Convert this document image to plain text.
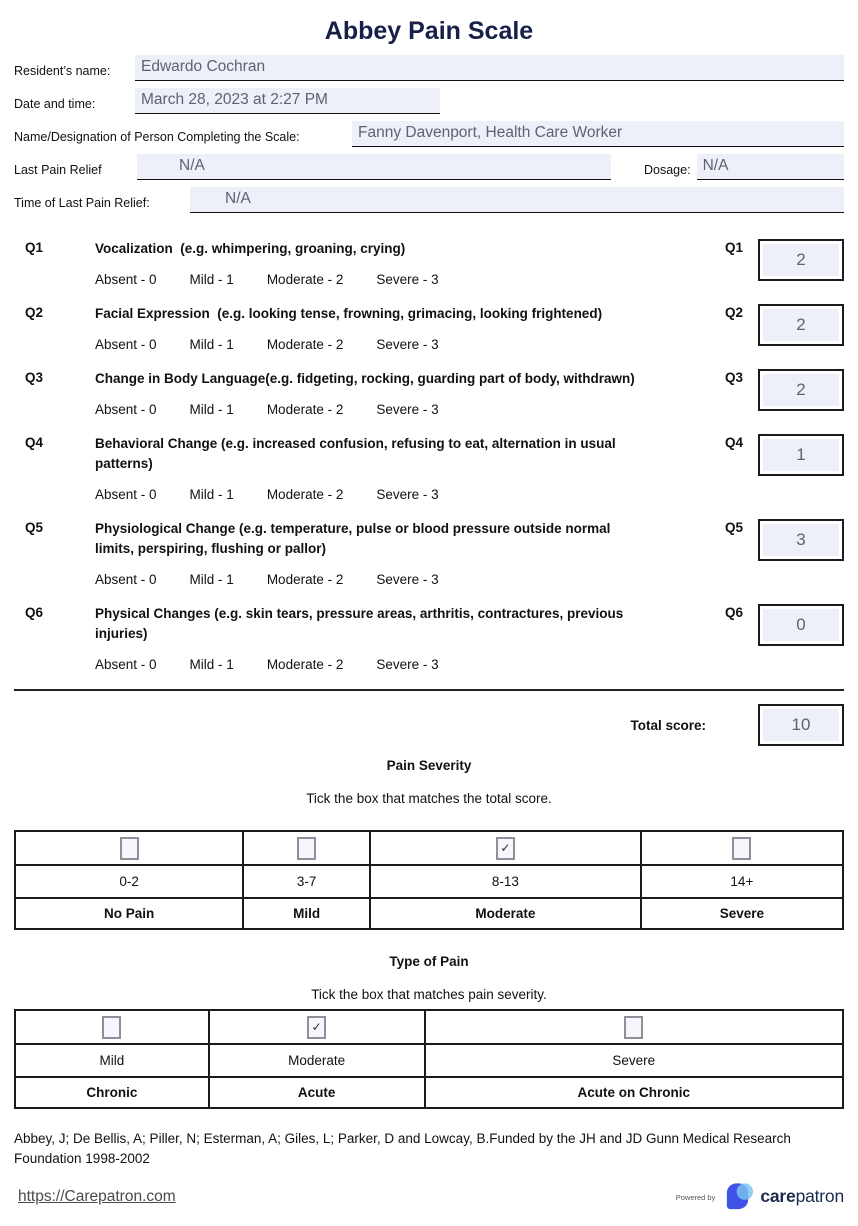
Abbey Pain Scale
Resident’s name:	Edwardo Cochran
Date and time:	March 28, 2023 at 2:27 PM
Name/Designation of Person Completing the Scale:	Fanny Davenport, Health Care Worker
Last Pain Relief	N/A	Dosage: N/A
Time of Last Pain Relief:	N/A
Q1	Vocalization  (e.g. whimpering, groaning, crying)
Absent - 0 Mild - 1 Moderate - 2 Severe - 3
Q1
2
Q2	Facial Expression  (e.g. looking tense, frowning, grimacing, looking frightened)
Absent - 0 Mild - 1 Moderate - 2 Severe - 3
Q2
2
Q3	Change in Body Language(e.g. fidgeting, rocking, guarding part of body, withdrawn)
Absent - 0 Mild - 1 Moderate - 2 Severe - 3
Q3
2
Q4	Behavioral Change (e.g. increased confusion, refusing to eat, alternation in usual patterns)
Absent - 0 Mild - 1 Moderate - 2 Severe - 3
Q4
1
Q5	Physiological Change (e.g. temperature, pulse or blood pressure outside normal limits, perspiring, flushing or pallor)
Absent - 0 Mild - 1 Moderate - 2 Severe - 3
Q5
3
Q6	Physical Changes (e.g. skin tears, pressure areas, arthritis, contractures, previous injuries)
Absent - 0 Mild - 1 Moderate - 2 Severe - 3
Q6
0
Total score:	10
Pain Severity
Tick the box that matches the total score.
		✓	
0-2	3-7	8-13	14+
No Pain	Mild	Moderate	Severe
Type of Pain
Tick the box that matches pain severity.
	✓	
Mild	Moderate	Severe
Chronic	Acute	Acute on Chronic

Abbey, J; De Bellis, A; Piller, N; Esterman, A; Giles, L; Parker, D and Lowcay, B.Funded by the JH and JD Gunn Medical Research Foundation 1998-2002

https://Carepatron.com	Powered by	carepatron
